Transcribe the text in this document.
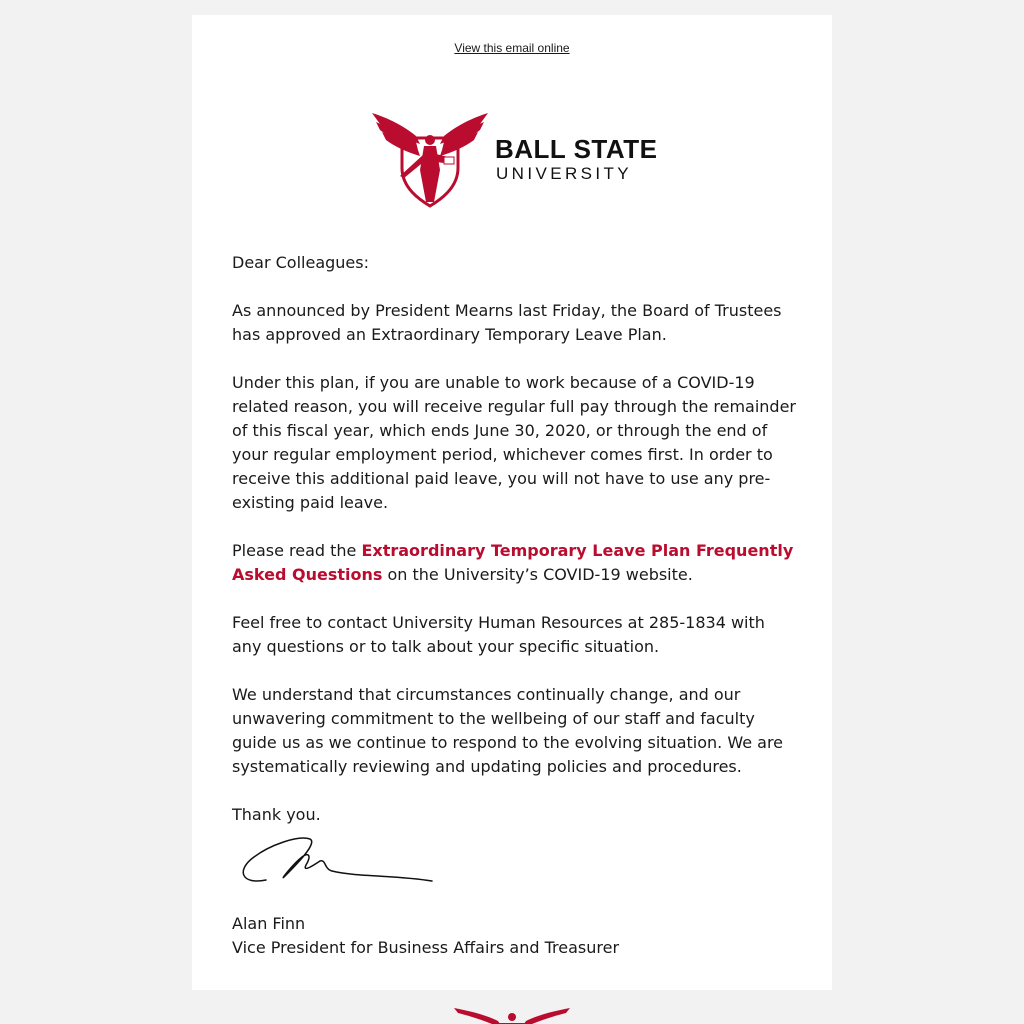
View this email online
BALL STATE
UNIVERSITY

Dear Colleagues:

As announced by President Mearns last Friday, the Board of Trustees has approved an Extraordinary Temporary Leave Plan.

Under this plan, if you are unable to work because of a COVID-19 related reason, you will receive regular full pay through the remainder of this fiscal year, which ends June 30, 2020, or through the end of your regular employment period, whichever comes first. In order to receive this additional paid leave, you will not have to use any pre-existing paid leave.

Please read the Extraordinary Temporary Leave Plan Frequently Asked Questions on the University’s COVID-19 website.

Feel free to contact University Human Resources at 285-1834 with any questions or to talk about your specific situation.

We understand that circumstances continually change, and our unwavering commitment to the wellbeing of our staff and faculty guide us as we continue to respond to the evolving situation. We are systematically reviewing and updating policies and procedures.

Thank you.

Alan Finn
Vice President for Business Affairs and Treasurer
